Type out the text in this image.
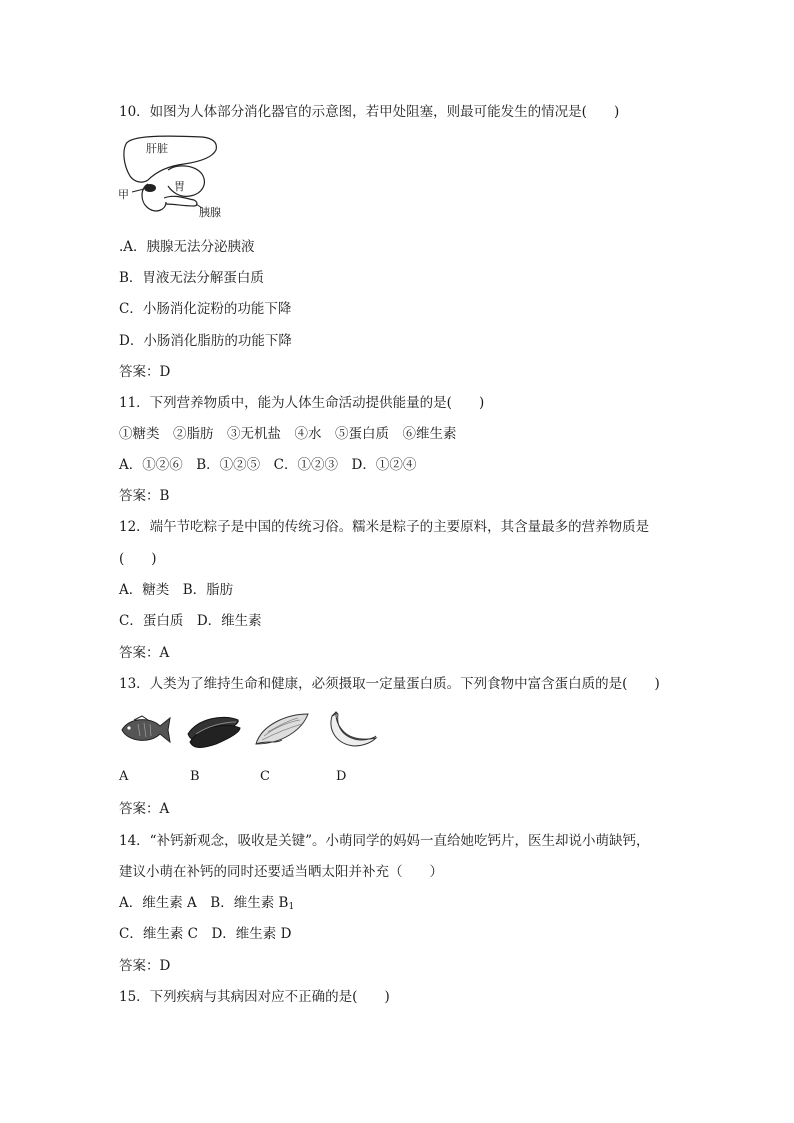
10．如图为人体部分消化器官的示意图，若甲处阻塞，则最可能发生的情况是(　　)
肝脏
胃
甲
胰腺
.A．胰腺无法分泌胰液
B．胃液无法分解蛋白质
C．小肠消化淀粉的功能下降
D．小肠消化脂肪的功能下降
答案：D
11．下列营养物质中，能为人体生命活动提供能量的是(　　)
①糖类　②脂肪　③无机盐　④水　⑤蛋白质　⑥维生素
A．①②⑥　B．①②⑤　C．①②③　D．①②④
答案：B
12．端午节吃粽子是中国的传统习俗。糯米是粽子的主要原料，其含量最多的营养物质是
(　　)
A．糖类　B．脂肪
C．蛋白质　D．维生素
答案：A
13．人类为了维持生命和健康，必须摄取一定量蛋白质。下列食物中富含蛋白质的是(　　)
A	B	C	D
答案：A
14．“补钙新观念，吸收是关键”。小萌同学的妈妈一直给她吃钙片，医生却说小萌缺钙，
建议小萌在补钙的同时还要适当晒太阳并补充（　　）
A．维生素 A　B．维生素 $B_1$
C．维生素 C　D．维生素 D
答案：D
15．下列疾病与其病因对应不正确的是(　　)
